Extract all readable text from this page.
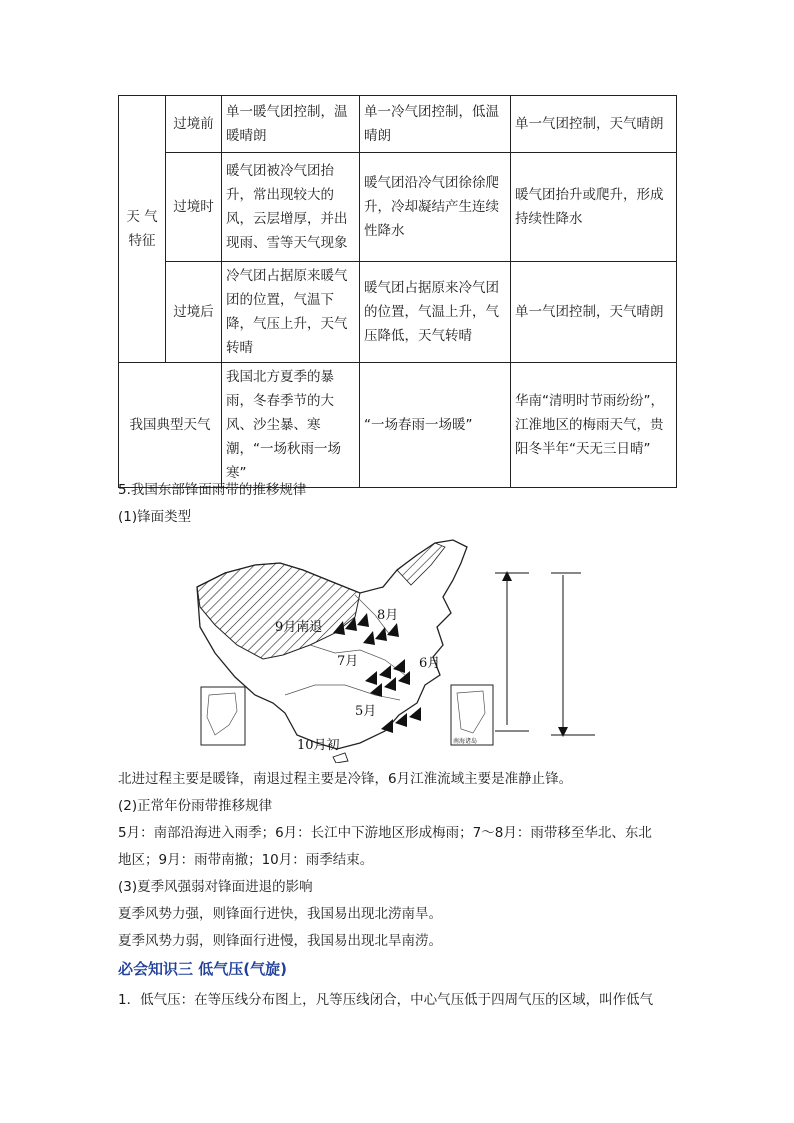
天 气
特征	过境前	单一暖气团控制，温暖晴朗	单一冷气团控制，低温晴朗	单一气团控制，天气晴朗
	过境时	暖气团被冷气团抬升，常出现较大的风，云层增厚，并出现雨、雪等天气现象	暖气团沿冷气团徐徐爬升，冷却凝结产生连续性降水	暖气团抬升或爬升，形成持续性降水
	过境后	冷气团占据原来暖气团的位置，气温下降，气压上升，天气转晴	暖气团占据原来冷气团的位置，气温上升，气压降低，天气转晴	单一气团控制，天气晴朗
我国典型天气		我国北方夏季的暴雨，冬春季节的大风、沙尘暴、寒潮，“一场秋雨一场寒”	“一场春雨一场暖”	华南“清明时节雨纷纷”，江淮地区的梅雨天气，贵阳冬半年“天无三日晴”
5.我国东部锋面雨带的推移规律
(1)锋面类型
9月南退
8月
7月	6月
5月
10月初	南海诸岛
北进过程主要是暖锋，南退过程主要是冷锋，6月江淮流域主要是准静止锋。
(2)正常年份雨带推移规律
5月：南部沿海进入雨季；6月：长江中下游地区形成梅雨；7～8月：雨带移至华北、东北
地区；9月：雨带南撤；10月：雨季结束。
(3)夏季风强弱对锋面进退的影响
夏季风势力强，则锋面行进快，我国易出现北涝南旱。
夏季风势力弱，则锋面行进慢，我国易出现北旱南涝。
必会知识三 低气压(气旋)
1．低气压：在等压线分布图上，凡等压线闭合，中心气压低于四周气压的区域，叫作低气
